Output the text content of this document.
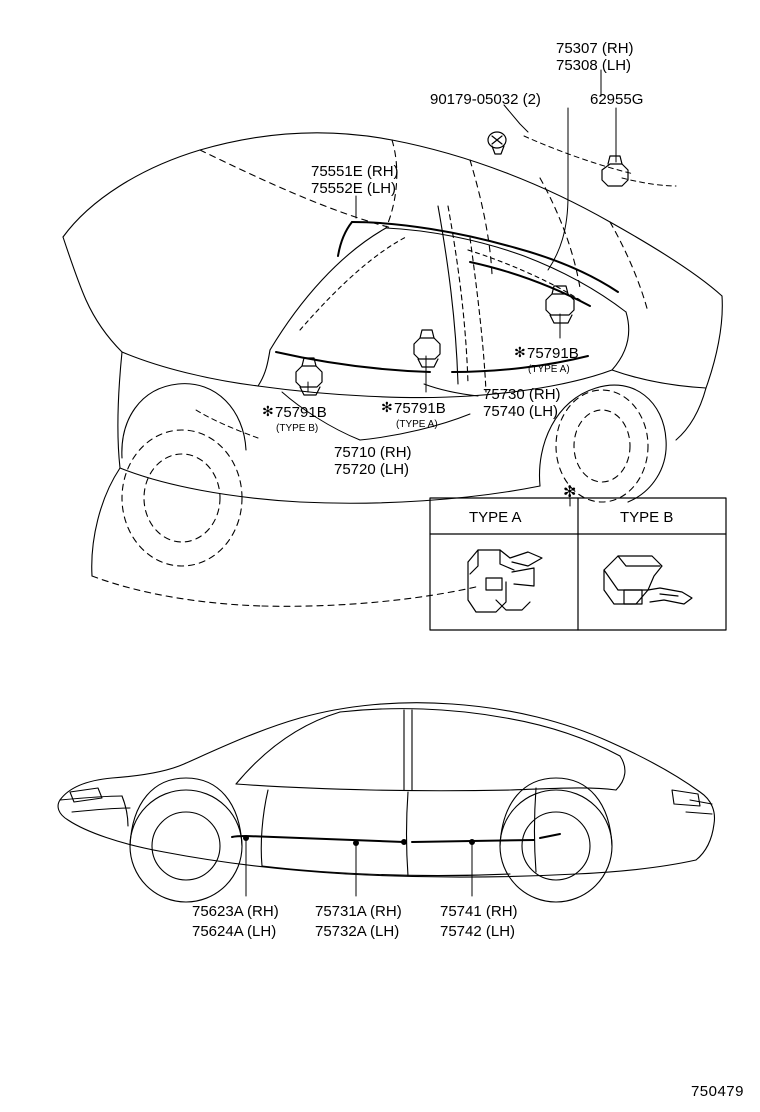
75307 (RH)
75308 (LH)
90179-05032 (2)	62955G
75551E (RH)
75552E (LH)
✻ 75791B
(TYPE B)
✻ 75791B
(TYPE A)
✻ 75791B
(TYPE A)
75730 (RH)
75740 (LH)
75710 (RH)
75720 (LH)
✻
TYPE A	TYPE B
75623A (RH)
75624A (LH)
75731A (RH)
75732A (LH)
75741 (RH)
75742 (LH)
750479
